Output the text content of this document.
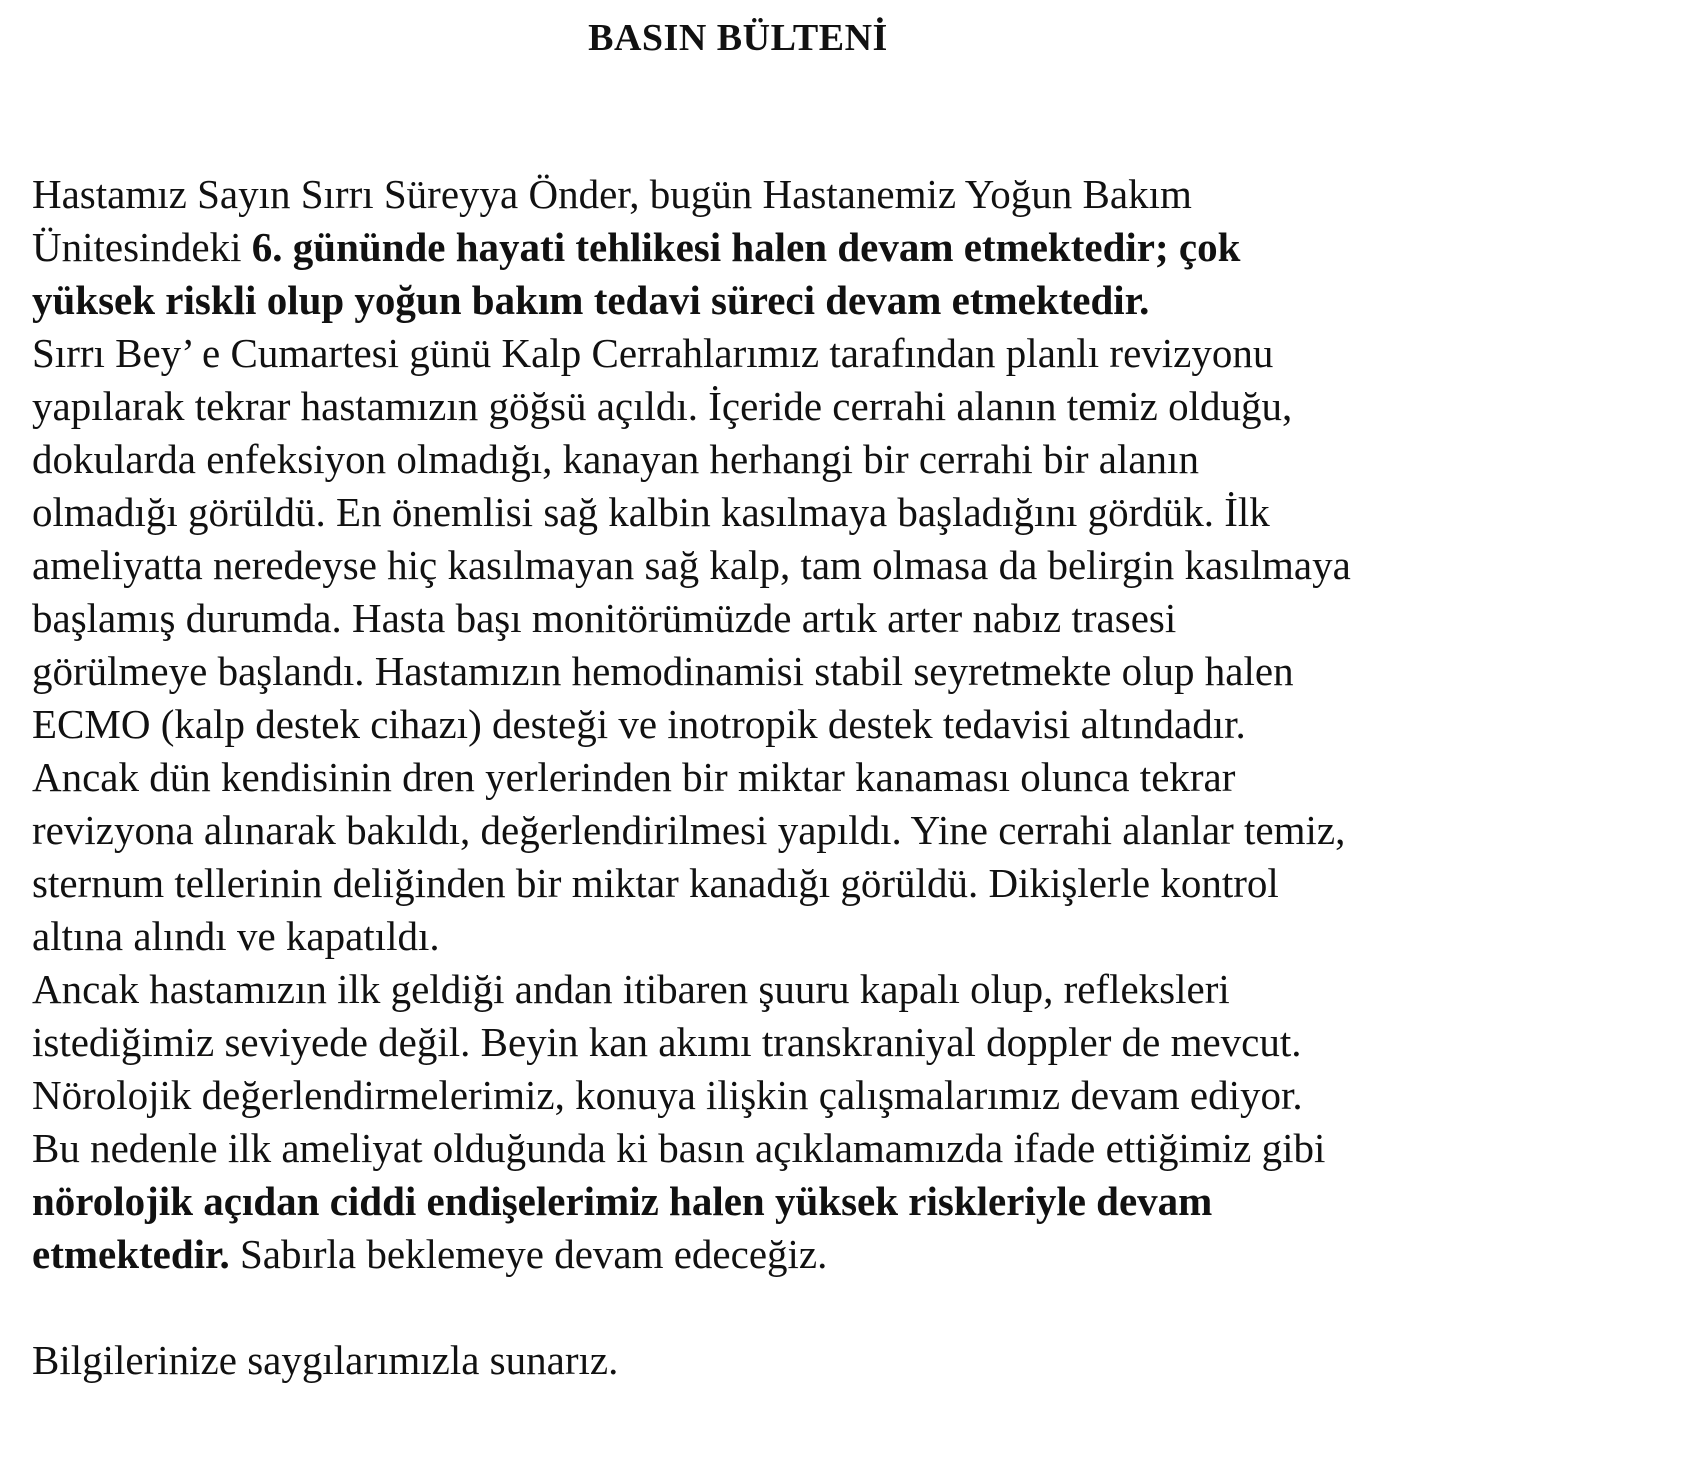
BASIN BÜLTENİ
Hastamız Sayın Sırrı Süreyya Önder, bugün Hastanemiz Yoğun Bakım
Ünitesindeki 6. gününde hayati tehlikesi halen devam etmektedir; çok
yüksek riskli olup yoğun bakım tedavi süreci devam etmektedir.
Sırrı Bey’ e Cumartesi günü Kalp Cerrahlarımız tarafından planlı revizyonu
yapılarak tekrar hastamızın göğsü açıldı. İçeride cerrahi alanın temiz olduğu,
dokularda enfeksiyon olmadığı, kanayan herhangi bir cerrahi bir alanın
olmadığı görüldü. En önemlisi sağ kalbin kasılmaya başladığını gördük. İlk
ameliyatta neredeyse hiç kasılmayan sağ kalp, tam olmasa da belirgin kasılmaya
başlamış durumda. Hasta başı monitörümüzde artık arter nabız trasesi
görülmeye başlandı. Hastamızın hemodinamisi stabil seyretmekte olup halen
ECMO (kalp destek cihazı) desteği ve inotropik destek tedavisi altındadır.
Ancak dün kendisinin dren yerlerinden bir miktar kanaması olunca tekrar
revizyona alınarak bakıldı, değerlendirilmesi yapıldı. Yine cerrahi alanlar temiz,
sternum tellerinin deliğinden bir miktar kanadığı görüldü. Dikişlerle kontrol
altına alındı ve kapatıldı.
Ancak hastamızın ilk geldiği andan itibaren şuuru kapalı olup, refleksleri
istediğimiz seviyede değil. Beyin kan akımı transkraniyal doppler de mevcut.
Nörolojik değerlendirmelerimiz, konuya ilişkin çalışmalarımız devam ediyor.
Bu nedenle ilk ameliyat olduğunda ki basın açıklamamızda ifade ettiğimiz gibi
nörolojik açıdan ciddi endişelerimiz halen yüksek riskleriyle devam
etmektedir. Sabırla beklemeye devam edeceğiz.
Bilgilerinize saygılarımızla sunarız.
